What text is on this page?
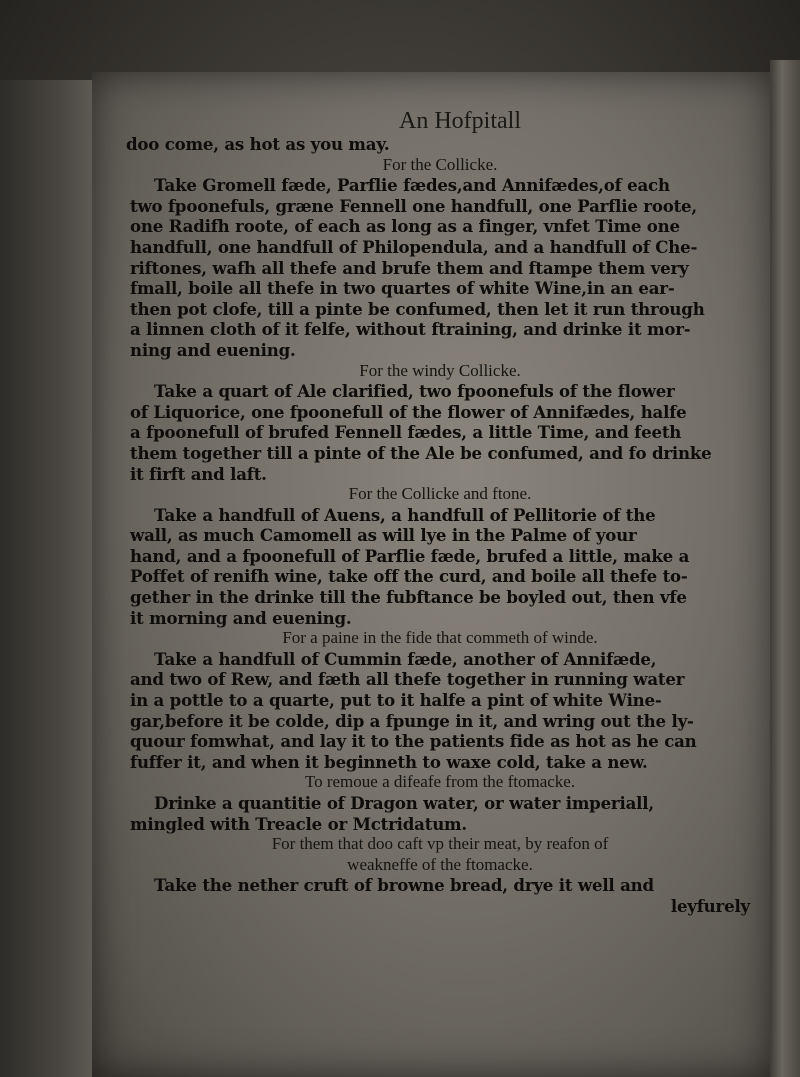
An Hofpitall
doo come, as hot as you may.
For the Collicke.
Take Gromell fæde, Parflie fædes,and Annifædes,of each
two fpoonefuls, græne Fennell one handfull, one Parflie roote,
one Radifh roote, of each as long as a finger, vnfet Time one
handfull, one handfull of Philopendula, and a handfull of Che-
riftones, wafh all thefe and brufe them and ftampe them very
fmall, boile all thefe in two quartes of white Wine,in an ear-
then pot clofe, till a pinte be confumed, then let it run through
a linnen cloth of it felfe, without ftraining, and drinke it mor-
ning and euening.
For the windy Collicke.
Take a quart of Ale clarified, two fpoonefuls of the flower
of Liquorice, one fpoonefull of the flower of Annifædes, halfe
a fpoonefull of brufed Fennell fædes, a little Time, and feeth
them together till a pinte of the Ale be confumed, and fo drinke
it firft and laft.
For the Collicke and ftone.
Take a handfull of Auens, a handfull of Pellitorie of the
wall, as much Camomell as will lye in the Palme of your
hand, and a fpoonefull of Parflie fæde, brufed a little, make a
Poffet of renifh wine, take off the curd, and boile all thefe to-
gether in the drinke till the fubftance be boyled out, then vfe
it morning and euening.
For a paine in the fide that commeth of winde.
Take a handfull of Cummin fæde, another of Annifæde,
and two of Rew, and fæth all thefe together in running water
in a pottle to a quarte, put to it halfe a pint of white Wine-
gar,before it be colde, dip a fpunge in it, and wring out the ly-
quour fomwhat, and lay it to the patients fide as hot as he can
fuffer it, and when it beginneth to waxe cold, take a new.
To remoue a difeafe from the ftomacke.
Drinke a quantitie of Dragon water, or water imperiall,
mingled with Treacle or Mctridatum.
For them that doo caft vp their meat, by reafon of
weakneffe of the ftomacke.
Take the nether cruft of browne bread, drye it well and
leyfurely
